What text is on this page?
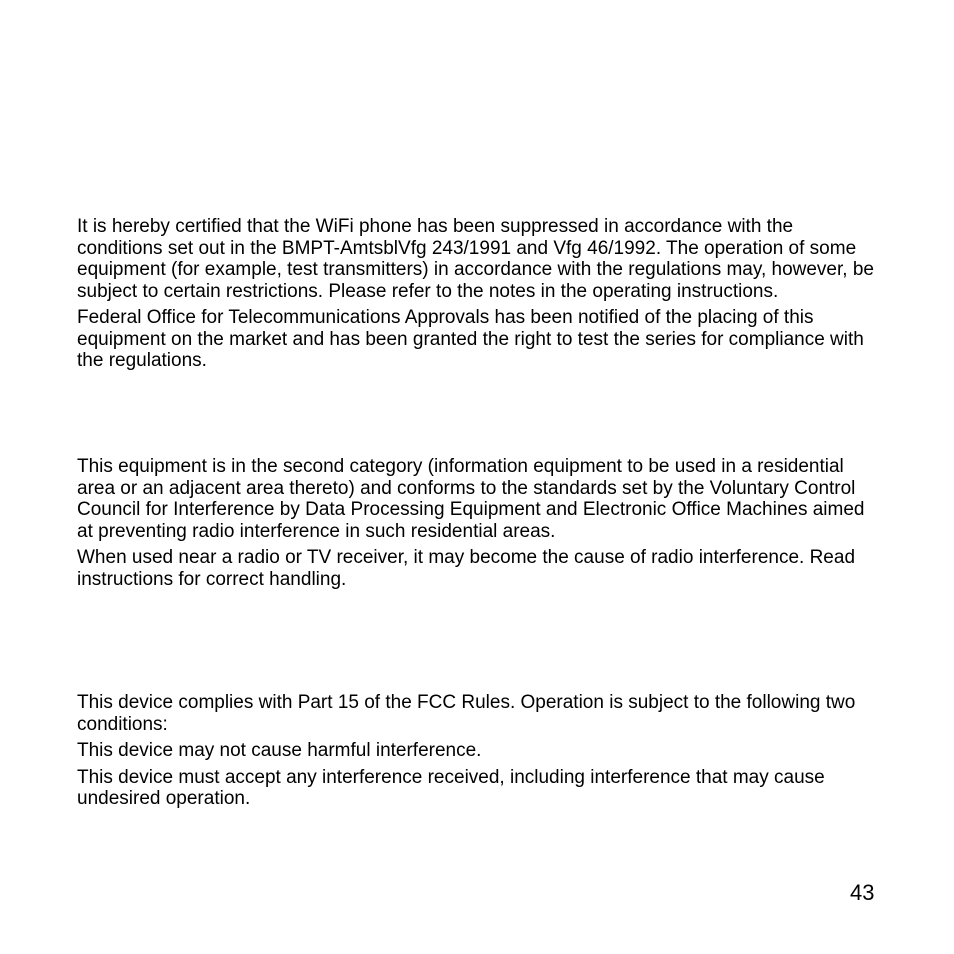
It is hereby certified that the WiFi phone has been suppressed in accordance with the conditions set out in the BMPT-AmtsblVfg 243/1991 and Vfg 46/1992. The operation of some equipment (for example, test transmitters) in accordance with the regulations may, however, be subject to certain restrictions. Please refer to the notes in the operating instructions.

Federal Office for Telecommunications Approvals has been notified of the placing of this equipment on the market and has been granted the right to test the series for compliance with the regulations.

This equipment is in the second category (information equipment to be used in a residential area or an adjacent area thereto) and conforms to the standards set by the Voluntary Control Council for Interference by Data Processing Equipment and Electronic Office Machines aimed at preventing radio interference in such residential areas.

When used near a radio or TV receiver, it may become the cause of radio interference. Read instructions for correct handling.

This device complies with Part 15 of the FCC Rules. Operation is subject to the following two conditions:

This device may not cause harmful interference.

This device must accept any interference received, including interference that may cause undesired operation.

43
